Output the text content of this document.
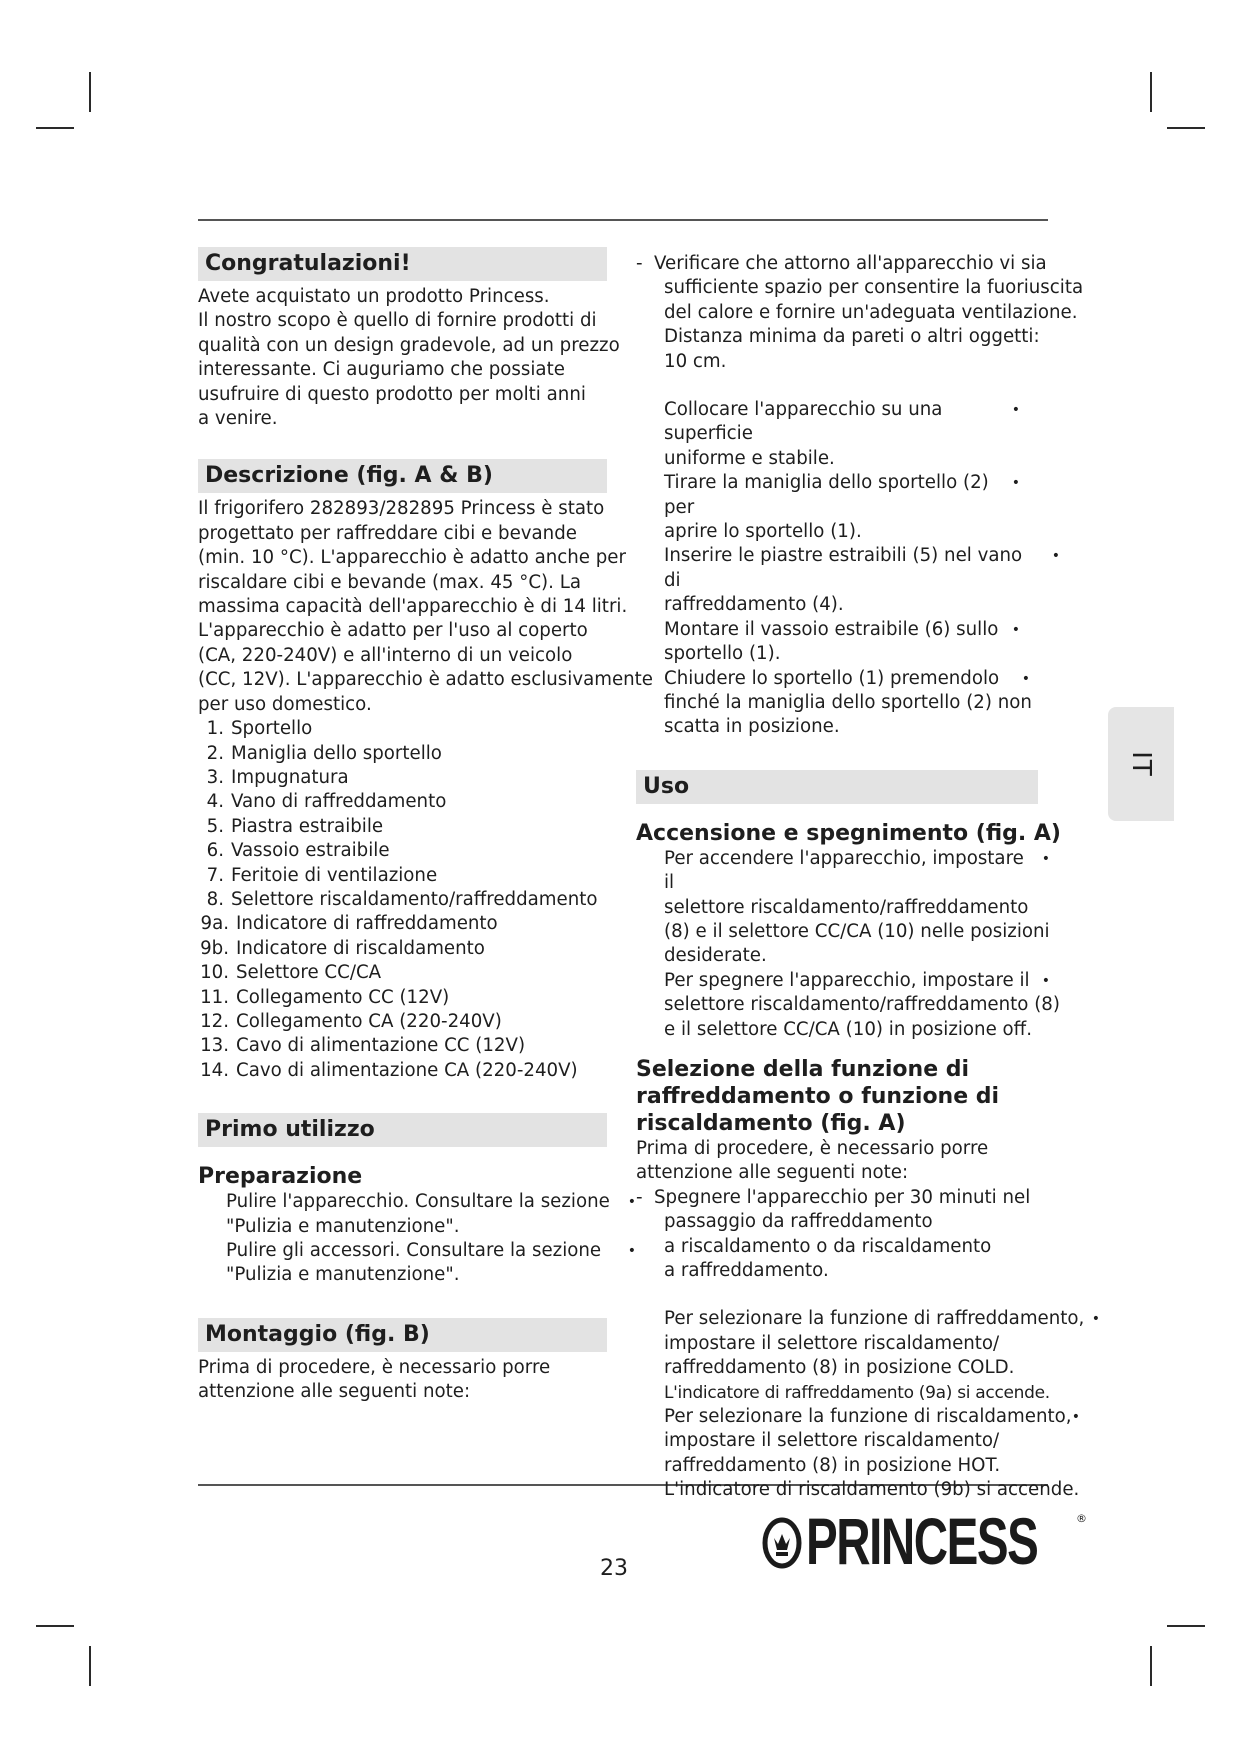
Congratulazioni!

Avete acquistato un prodotto Princess.

Il nostro scopo è quello di fornire prodotti di

qualità con un design gradevole, ad un prezzo

interessante. Ci auguriamo che possiate

usufruire di questo prodotto per molti anni

a venire.

Descrizione (fig. A & B)

Il frigorifero 282893/282895 Princess è stato

progettato per raffreddare cibi e bevande

(min. 10 °C). L'apparecchio è adatto anche per

riscaldare cibi e bevande (max. 45 °C). La

massima capacità dell'apparecchio è di 14 litri.

L'apparecchio è adatto per l'uso al coperto

(CA, 220-240V) e all'interno di un veicolo

(CC, 12V). L'apparecchio è adatto esclusivamente

per uso domestico.

1. Sportello
2. Maniglia dello sportello
3. Impugnatura
4. Vano di raffreddamento
5. Piastra estraibile
6. Vassoio estraibile
7. Feritoie di ventilazione
8. Selettore riscaldamento/raffreddamento
9a. Indicatore di raffreddamento
9b. Indicatore di riscaldamento
10. Selettore CC/CA
11. Collegamento CC (12V)
12. Collegamento CA (220-240V)
13. Cavo di alimentazione CC (12V)
14. Cavo di alimentazione CA (220-240V)
Primo utilizzo
Preparazione

Pulire l'apparecchio. Consultare la sezione

"Pulizia e manutenzione".

•

Pulire gli accessori. Consultare la sezione

"Pulizia e manutenzione".

•
Montaggio (fig. B)

Prima di procedere, è necessario porre

attenzione alle seguenti note:

- Verificare che attorno all'apparecchio vi sia

sufficiente spazio per consentire la fuoriuscita

del calore e fornire un'adeguata ventilazione.

Distanza minima da pareti o altri oggetti:

10 cm.

Collocare l'apparecchio su una superficie

uniforme e stabile.

•

Tirare la maniglia dello sportello (2) per

aprire lo sportello (1).

•

Inserire le piastre estraibili (5) nel vano di

raffreddamento (4).

•

Montare il vassoio estraibile (6) sullo

sportello (1).

•

Chiudere lo sportello (1) premendolo

finché la maniglia dello sportello (2) non

scatta in posizione.

•
Uso
Accensione e spegnimento (fig. A)

Per accendere l'apparecchio, impostare il

selettore riscaldamento/raffreddamento

(8) e il selettore CC/CA (10) nelle posizioni

desiderate.

•

Per spegnere l'apparecchio, impostare il

selettore riscaldamento/raffreddamento (8)

e il selettore CC/CA (10) in posizione off.

•

Selezione della funzione di

raffreddamento o funzione di

riscaldamento (fig. A)

Prima di procedere, è necessario porre

attenzione alle seguenti note:

- Spegnere l'apparecchio per 30 minuti nel

passaggio da raffreddamento

a riscaldamento o da riscaldamento

a raffreddamento.

Per selezionare la funzione di raffreddamento,

impostare il selettore riscaldamento/

raffreddamento (8) in posizione COLD.

L'indicatore di raffreddamento (9a) si accende.

•

Per selezionare la funzione di riscaldamento,

impostare il selettore riscaldamento/

raffreddamento (8) in posizione HOT.

L'indicatore di riscaldamento (9b) si accende.

•
IT
23	PRINCESS	®
